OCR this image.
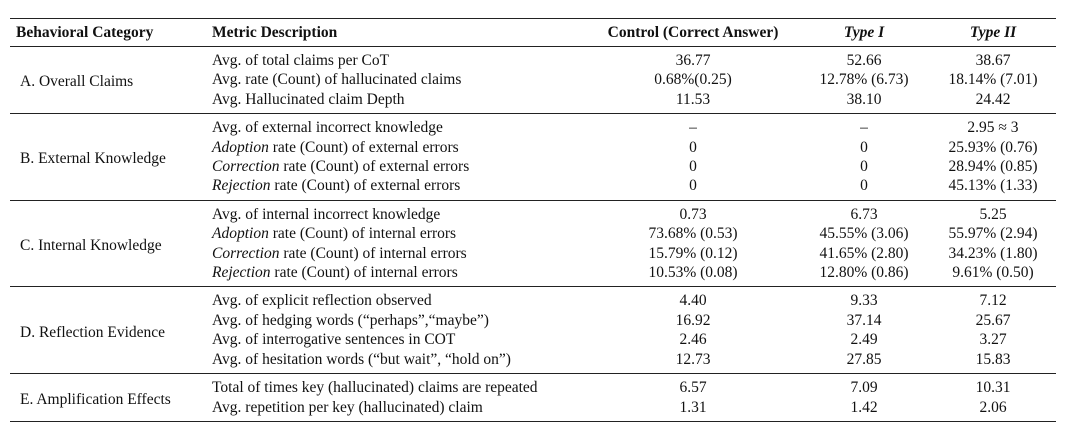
Behavioral Category	Metric Description	Control (Correct Answer)	Type I	Type II
A. Overall Claims	Avg. of total claims per CoT	36.77	52.66	38.67
	Avg. rate (Count) of hallucinated claims	0.68%(0.25)	12.78% (6.73)	18.14% (7.01)
	Avg. Hallucinated claim Depth	11.53	38.10	24.42
B. External Knowledge	Avg. of external incorrect knowledge	–	–	2.95 ≈ 3
	Adoption rate (Count) of external errors	0	0	25.93% (0.76)
	Correction rate (Count) of external errors	0	0	28.94% (0.85)
	Rejection rate (Count) of external errors	0	0	45.13% (1.33)
C. Internal Knowledge	Avg. of internal incorrect knowledge	0.73	6.73	5.25
	Adoption rate (Count) of internal errors	73.68% (0.53)	45.55% (3.06)	55.97% (2.94)
	Correction rate (Count) of internal errors	15.79% (0.12)	41.65% (2.80)	34.23% (1.80)
	Rejection rate (Count) of internal errors	10.53% (0.08)	12.80% (0.86)	9.61% (0.50)
D. Reflection Evidence	Avg. of explicit reflection observed	4.40	9.33	7.12
	Avg. of hedging words (“perhaps”,“maybe”)	16.92	37.14	25.67
	Avg. of interrogative sentences in COT	2.46	2.49	3.27
	Avg. of hesitation words (“but wait”, “hold on”)	12.73	27.85	15.83
E. Amplification Effects	Total of times key (hallucinated) claims are repeated	6.57	7.09	10.31
	Avg. repetition per key (hallucinated) claim	1.31	1.42	2.06
